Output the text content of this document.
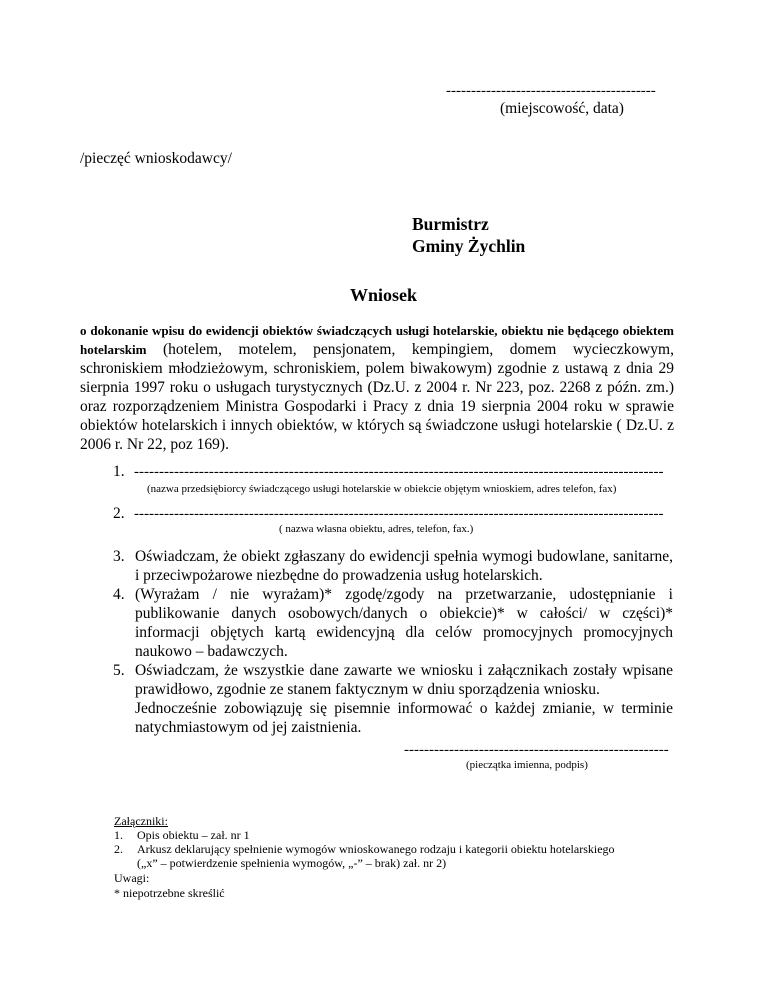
------------------------------------------
(miejscowość, data)
/pieczęć wnioskodawcy/
Burmistrz
Gminy Żychlin
Wniosek
o dokonanie wpisu do ewidencji obiektów świadczących usługi hotelarskie, obiektu nie będącego obiektem hotelarskim (hotelem, motelem, pensjonatem, kempingiem, domem wycieczkowym, schroniskiem młodzieżowym, schroniskiem, polem biwakowym) zgodnie z ustawą z dnia 29 sierpnia 1997 roku o usługach turystycznych (Dz.U. z 2004 r. Nr 223, poz. 2268 z późn. zm.) oraz rozporządzeniem Ministra Gospodarki i Pracy z dnia 19 sierpnia 2004 roku w sprawie obiektów hotelarskich i innych obiektów, w których są świadczone usługi hotelarskie ( Dz.U. z 2006 r. Nr 22, poz 169).
1. ----------------------------------------------------------------------------------------------------------
(nazwa przedsiębiorcy świadczącego usługi hotelarskie w obiekcie objętym wnioskiem, adres telefon, fax)
2. ----------------------------------------------------------------------------------------------------------
( nazwa własna obiektu, adres, telefon, fax.)
3. Oświadczam, że obiekt zgłaszany do ewidencji spełnia wymogi budowlane, sanitarne, i przeciwpożarowe niezbędne do prowadzenia usług hotelarskich.
4. (Wyrażam / nie wyrażam)* zgodę/zgody na przetwarzanie, udostępnianie i publikowanie danych osobowych/danych o obiekcie)* w całości/ w części)* informacji objętych kartą ewidencyjną dla celów promocyjnych promocyjnych naukowo – badawczych.
5. Oświadczam, że wszystkie dane zawarte we wniosku i załącznikach zostały wpisane prawidłowo, zgodnie ze stanem faktycznym w dniu sporządzenia wniosku.
Jednocześnie zobowiązuję się pisemnie informować o każdej zmianie, w terminie natychmiastowym od jej zaistnienia.
-----------------------------------------------------
(pieczątka imienna, podpis)
Załączniki:
1. Opis obiektu – zał. nr 1
2. Arkusz deklarujący spełnienie wymogów wnioskowanego rodzaju i kategorii obiektu hotelarskiego
(„x” – potwierdzenie spełnienia wymogów, „-” – brak) zał. nr 2)
Uwagi:
* niepotrzebne skreślić
